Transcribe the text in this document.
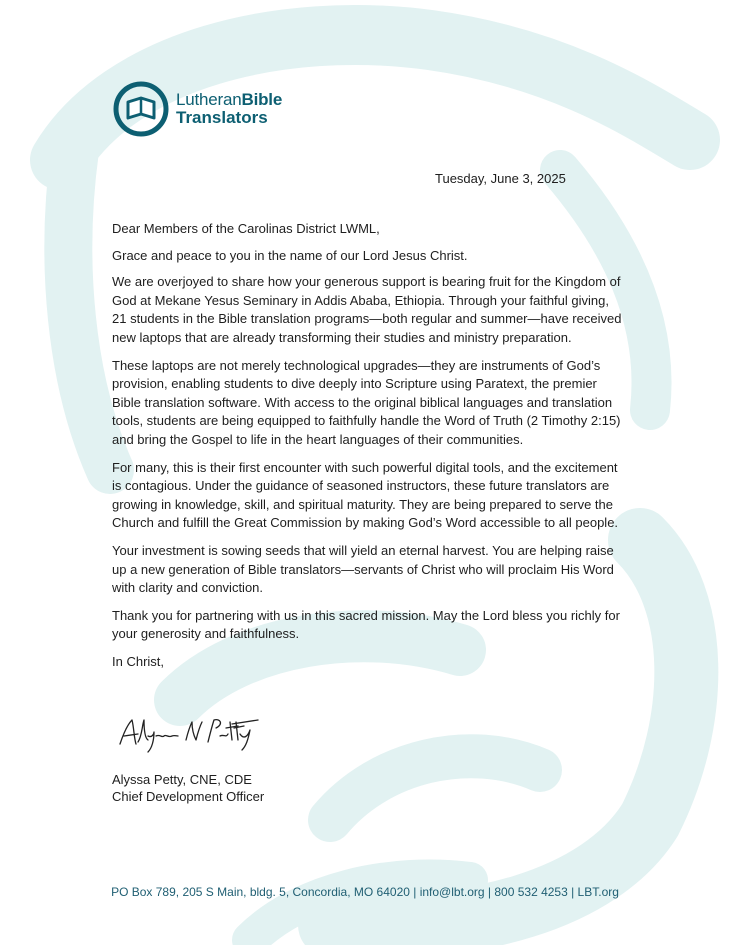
LutheranBible
Translators
Tuesday, June 3, 2025

Dear Members of the Carolinas District LWML,

Grace and peace to you in the name of our Lord Jesus Christ.

We are overjoyed to share how your generous support is bearing fruit for the Kingdom of God at Mekane Yesus Seminary in Addis Ababa, Ethiopia. Through your faithful giving, 21 students in the Bible translation programs—both regular and summer—have received new laptops that are already transforming their studies and ministry preparation.

These laptops are not merely technological upgrades—they are instruments of God’s provision, enabling students to dive deeply into Scripture using Paratext, the premier Bible translation software. With access to the original biblical languages and translation tools, students are being equipped to faithfully handle the Word of Truth (2 Timothy 2:15) and bring the Gospel to life in the heart languages of their communities.

For many, this is their first encounter with such powerful digital tools, and the excitement is contagious. Under the guidance of seasoned instructors, these future translators are growing in knowledge, skill, and spiritual maturity. They are being prepared to serve the Church and fulfill the Great Commission by making God’s Word accessible to all people.

Your investment is sowing seeds that will yield an eternal harvest. You are helping raise up a new generation of Bible translators—servants of Christ who will proclaim His Word with clarity and conviction.

Thank you for partnering with us in this sacred mission. May the Lord bless you richly for your generosity and faithfulness.

In Christ,

Alyssa Petty, CNE, CDE
Chief Development Officer
PO Box 789, 205 S Main, bldg. 5, Concordia, MO 64020 | info@lbt.org | 800 532 4253 | LBT.org
